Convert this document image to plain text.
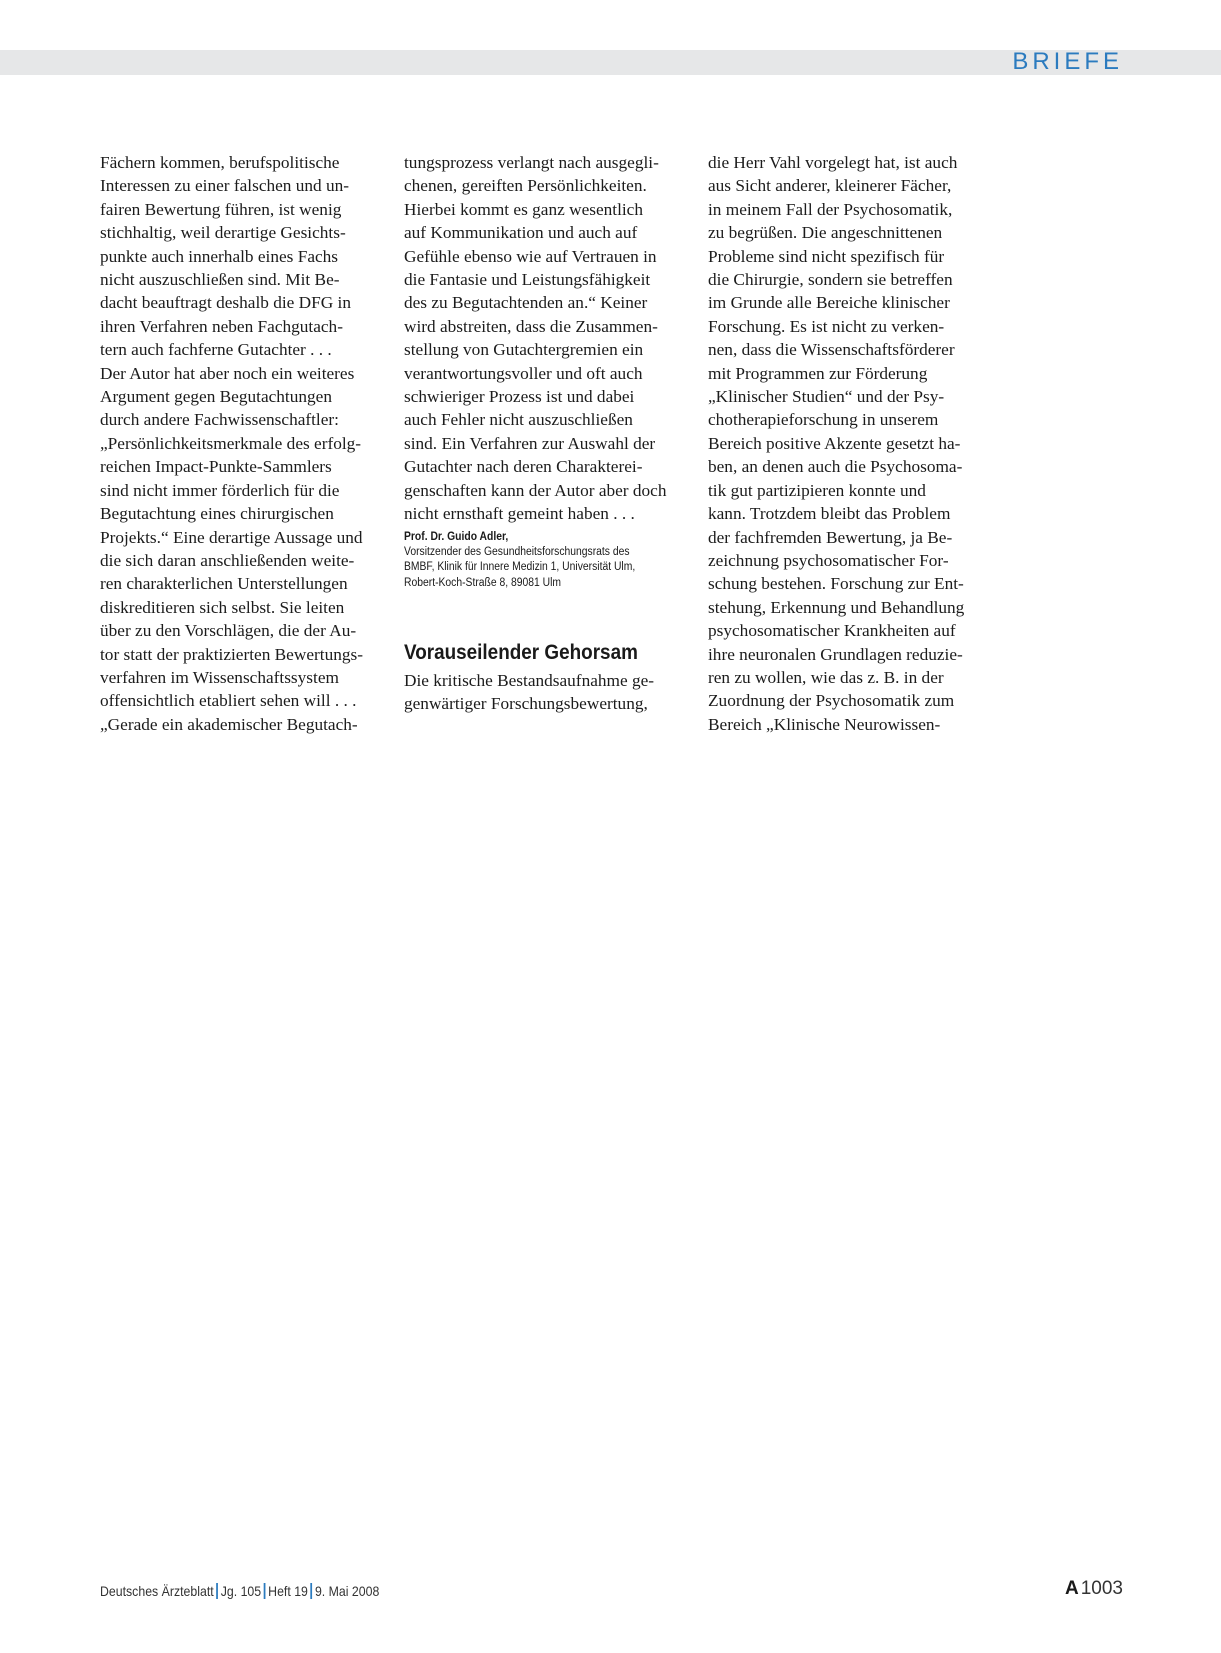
BRIEFE

Fächern kommen, berufspolitische
Interessen zu einer falschen und un-
fairen Bewertung führen, ist wenig
stichhaltig, weil derartige Gesichts-
punkte auch innerhalb eines Fachs
nicht auszuschließen sind. Mit Be-
dacht beauftragt deshalb die DFG in
ihren Verfahren neben Fachgutach-
tern auch fachferne Gutachter . . .
Der Autor hat aber noch ein weiteres
Argument gegen Begutachtungen
durch andere Fachwissenschaftler:
„Persönlichkeitsmerkmale des erfolg-
reichen Impact-Punkte-Sammlers
sind nicht immer förderlich für die
Begutachtung eines chirurgischen
Projekts.“ Eine derartige Aussage und
die sich daran anschließenden weite-
ren charakterlichen Unterstellungen
diskreditieren sich selbst. Sie leiten
über zu den Vorschlägen, die der Au-
tor statt der praktizierten Bewertungs-
verfahren im Wissenschaftssystem
offensichtlich etabliert sehen will . . .
„Gerade ein akademischer Begutach-

tungsprozess verlangt nach ausgegli-
chenen, gereiften Persönlichkeiten.
Hierbei kommt es ganz wesentlich
auf Kommunikation und auch auf
Gefühle ebenso wie auf Vertrauen in
die Fantasie und Leistungsfähigkeit
des zu Begutachtenden an.“ Keiner
wird abstreiten, dass die Zusammen-
stellung von Gutachtergremien ein
verantwortungsvoller und oft auch
schwieriger Prozess ist und dabei
auch Fehler nicht auszuschließen
sind. Ein Verfahren zur Auswahl der
Gutachter nach deren Charakterei-
genschaften kann der Autor aber doch
nicht ernsthaft gemeint haben . . .

Prof. Dr. Guido Adler,
Vorsitzender des Gesundheitsforschungsrats des
BMBF, Klinik für Innere Medizin 1, Universität Ulm,
Robert-Koch-Straße 8, 89081 Ulm
Vorauseilender Gehorsam

Die kritische Bestandsaufnahme ge-
genwärtiger Forschungsbewertung,

die Herr Vahl vorgelegt hat, ist auch
aus Sicht anderer, kleinerer Fächer,
in meinem Fall der Psychosomatik,
zu begrüßen. Die angeschnittenen
Probleme sind nicht spezifisch für
die Chirurgie, sondern sie betreffen
im Grunde alle Bereiche klinischer
Forschung. Es ist nicht zu verken-
nen, dass die Wissenschaftsförderer
mit Programmen zur Förderung
„Klinischer Studien“ und der Psy-
chotherapieforschung in unserem
Bereich positive Akzente gesetzt ha-
ben, an denen auch die Psychosoma-
tik gut partizipieren konnte und
kann. Trotzdem bleibt das Problem
der fachfremden Bewertung, ja Be-
zeichnung psychosomatischer For-
schung bestehen. Forschung zur Ent-
stehung, Erkennung und Behandlung
psychosomatischer Krankheiten auf
ihre neuronalen Grundlagen reduzie-
ren zu wollen, wie das z. B. in der
Zuordnung der Psychosomatik zum
Bereich „Klinische Neurowissen-

Deutsches Ärzteblatt Jg. 105 Heft 19 9. Mai 2008	A 1003
